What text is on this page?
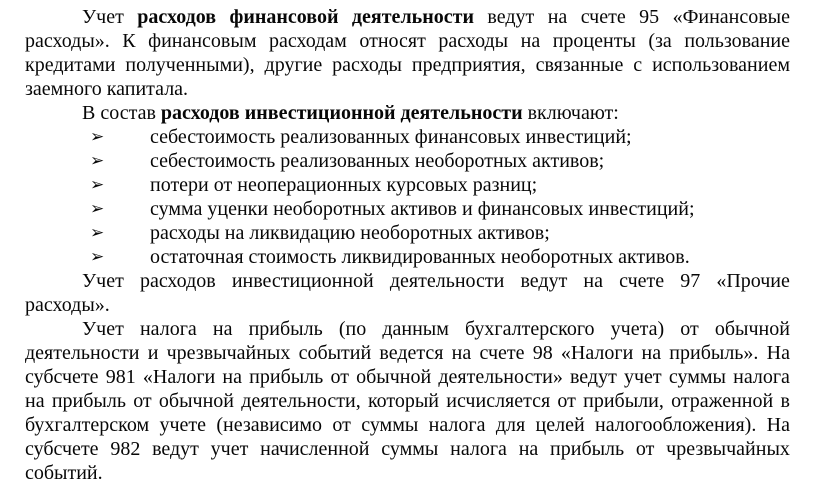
Учет расходов финансовой деятельности ведут на счете 95 «Финансовые
расходы». К финансовым расходам относят расходы на проценты (за пользование
кредитами полученными), другие расходы предприятия, связанные с использованием
заемного капитала.
В состав расходов инвестиционной деятельности включают:
➢ себестоимость реализованных финансовых инвестиций;
➢ себестоимость реализованных необоротных активов;
➢ потери от неоперационных курсовых разниц;
➢ сумма уценки необоротных активов и финансовых инвестиций;
➢ расходы на ликвидацию необоротных активов;
➢ остаточная стоимость ликвидированных необоротных активов.
Учет расходов инвестиционной деятельности ведут на счете 97 «Прочие
расходы».
Учет налога на прибыль (по данным бухгалтерского учета) от обычной
деятельности и чрезвычайных событий ведется на счете 98 «Налоги на прибыль». На
субсчете 981 «Налоги на прибыль от обычной деятельности» ведут учет суммы налога
на прибыль от обычной деятельности, который исчисляется от прибыли, отраженной в
бухгалтерском учете (независимо от суммы налога для целей налогообложения). На
субсчете 982 ведут учет начисленной суммы налога на прибыль от чрезвычайных
событий.
